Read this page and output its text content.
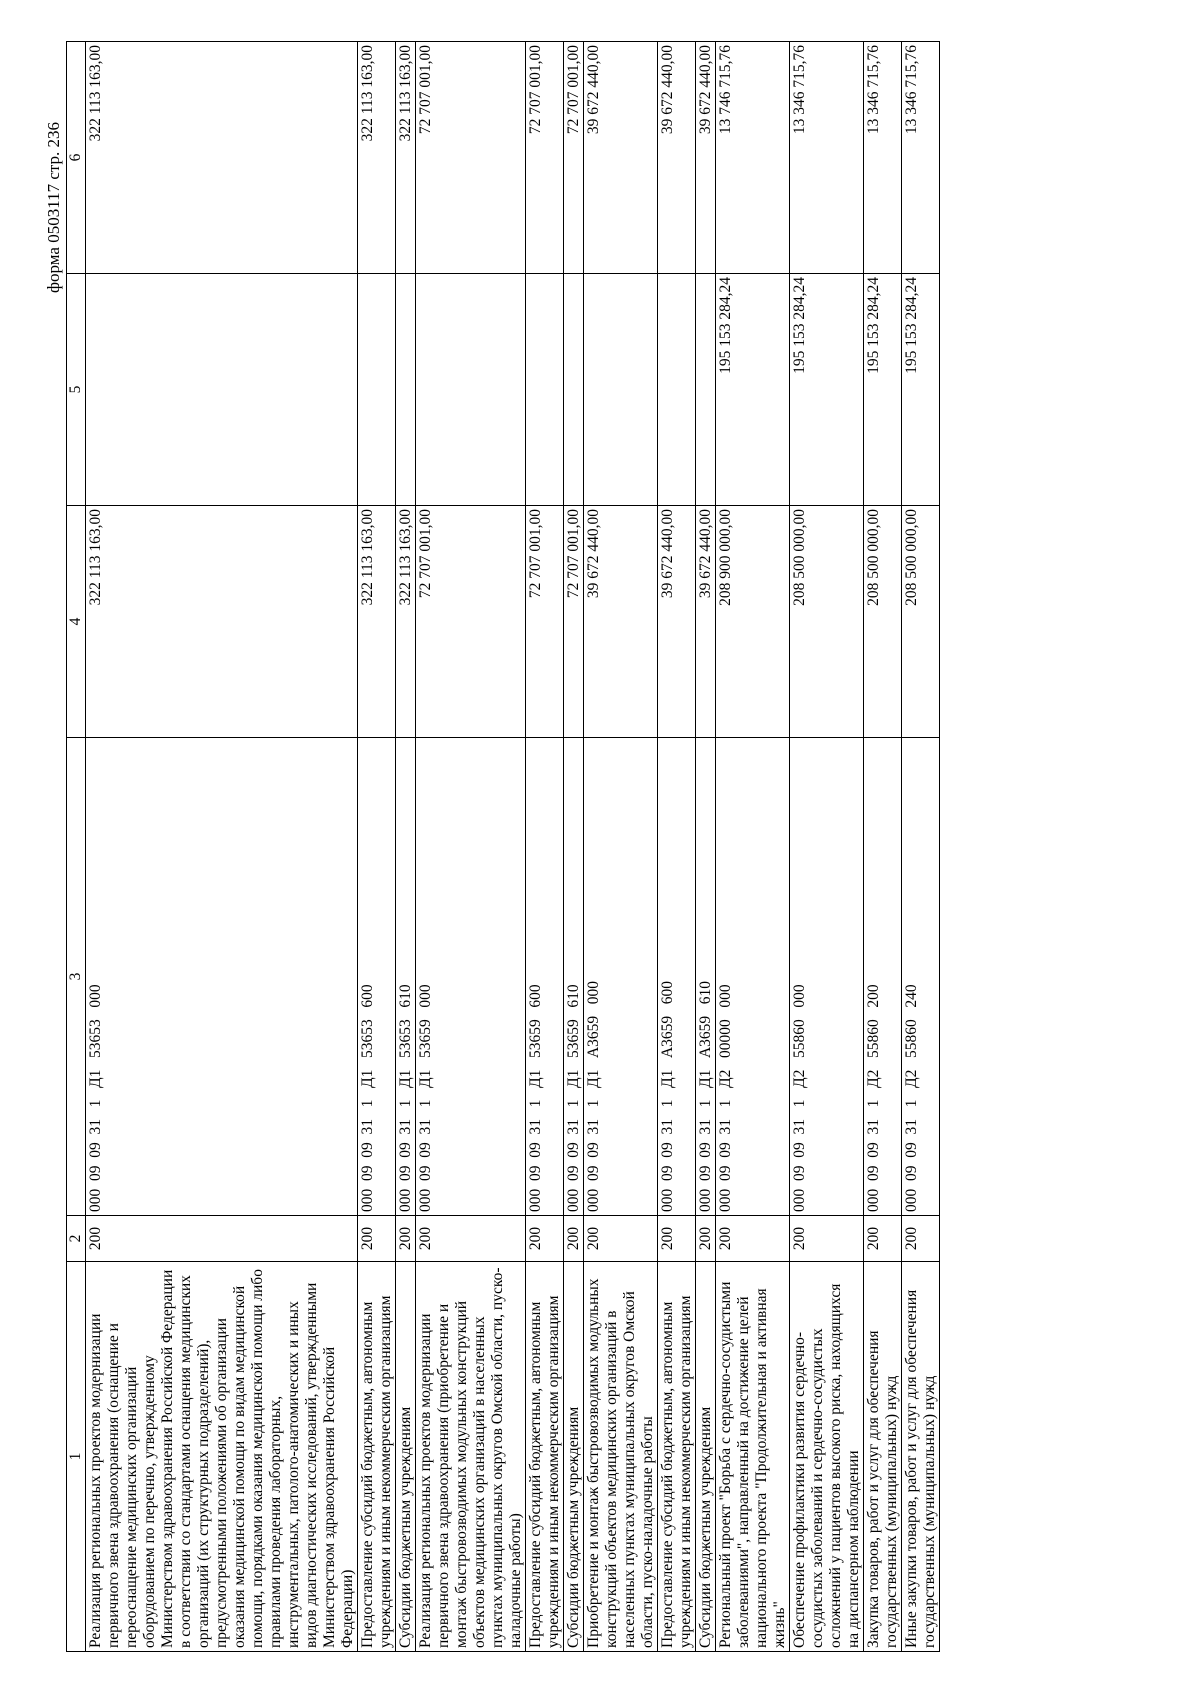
форма 0503117 стр. 236
1	2	3	4	5	6
Реализация региональных проектов модернизации первичного звена здравоохранения (оснащение и переоснащение медицинских организаций оборудованием по перечню, утвержденному Министерством здравоохранения Российской Федерации в соответствии со стандартами оснащения медицинских организаций (их структурных подразделений), предусмотренными положениями об организации оказания медицинской помощи по видам медицинской помощи, порядками оказания медицинской помощи либо правилами проведения лабораторных, инструментальных, патолого-анатомических и иных видов диагностических исследований, утвержденными Министерством здравоохранения Российской Федерации)	200	000  09  09  31   1   Д1   53653   000	322 113 163,00		322 113 163,00
Предоставление субсидий бюджетным, автономным учреждениям и иным некоммерческим организациям	200	000  09  09  31   1   Д1   53653   600	322 113 163,00		322 113 163,00
Субсидии бюджетным учреждениям	200	000  09  09  31   1   Д1   53653   610	322 113 163,00		322 113 163,00
Реализация региональных проектов модернизации первичного звена здравоохранения (приобретение и монтаж быстровозводимых модульных конструкций объектов медицинских организаций в населенных пунктах муниципальных округов Омской области, пуско-наладочные работы)	200	000  09  09  31   1   Д1   53659   000	72 707 001,00		72 707 001,00
Предоставление субсидий бюджетным, автономным учреждениям и иным некоммерческим организациям	200	000  09  09  31   1   Д1   53659   600	72 707 001,00		72 707 001,00
Субсидии бюджетным учреждениям	200	000  09  09  31   1   Д1   53659   610	72 707 001,00		72 707 001,00
Приобретение и монтаж быстровозводимых модульных конструкций объектов медицинских организаций в населенных пунктах муниципальных округов Омской области, пуско-наладочные работы	200	000  09  09  31   1   Д1   А3659   000	39 672 440,00		39 672 440,00
Предоставление субсидий бюджетным, автономным учреждениям и иным некоммерческим организациям	200	000  09  09  31   1   Д1   А3659   600	39 672 440,00		39 672 440,00
Субсидии бюджетным учреждениям	200	000  09  09  31   1   Д1   А3659   610	39 672 440,00		39 672 440,00
Региональный проект "Борьба с сердечно-сосудистыми заболеваниями", направленный на достижение целей национального проекта "Продолжительная и активная жизнь"	200	000  09  09  31   1   Д2   00000   000	208 900 000,00	195 153 284,24	13 746 715,76
Обеспечение профилактики развития сердечно-сосудистых заболеваний и сердечно-сосудистых осложнений у пациентов высокого риска, находящихся на диспансерном наблюдении	200	000  09  09  31   1   Д2   55860   000	208 500 000,00	195 153 284,24	13 346 715,76
Закупка товаров, работ и услуг для обеспечения государственных (муниципальных) нужд	200	000  09  09  31   1   Д2   55860   200	208 500 000,00	195 153 284,24	13 346 715,76
Иные закупки товаров, работ и услуг для обеспечения государственных (муниципальных) нужд	200	000  09  09  31   1   Д2   55860   240	208 500 000,00	195 153 284,24	13 346 715,76
